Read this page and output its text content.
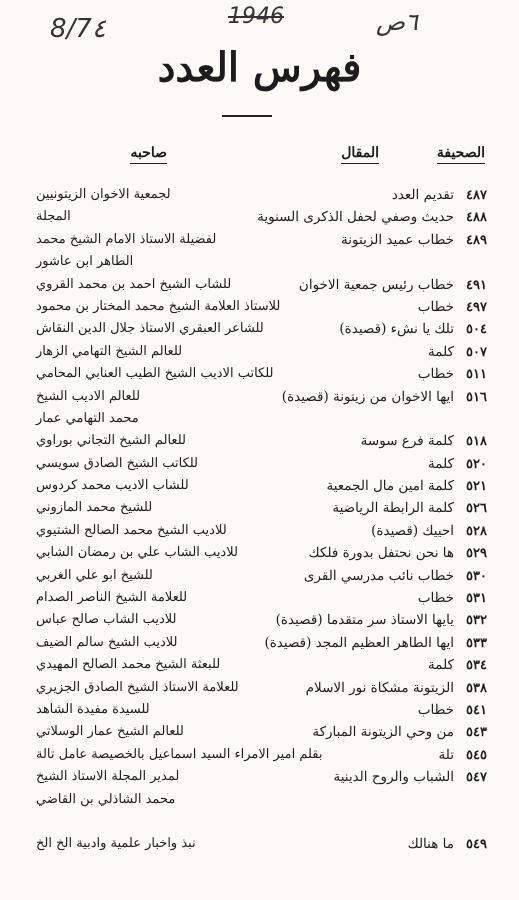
8/7٤	1946	٦ص
فهرس العدد
الصحيفة
المقال
صاحبه
٤٨٧
تقديم العدد
لجمعية الاخوان الزيتونيين
٤٨٨
حديث وصفي لحفل الذكرى السنوية
المجلة
٤٨٩
خطاب عميد الزيتونة
لفضيلة الاستاذ الامام الشيخ محمد
الطاهر ابن عاشور
٤٩١
خطاب رئيس جمعية الاخوان
للشاب الشيخ احمد بن محمد القروي
٤٩٧
خطاب
للاستاذ العلامة الشيخ محمد المختار بن محمود
٥٠٤
تلك يا نشء (قصيدة)
للشاعر العبقري الاستاذ جلال الدين النقاش
٥٠٧
كلمة
للعالم الشيخ التهامي الزهار
٥١١
خطاب
للكاتب الاديب الشيخ الطيب العنابي المحامي
٥١٦
ايها الاخوان من زيتونة (قصيدة)
للعالم الاديب الشيخ
محمد التهامي عمار
٥١٨
كلمة فرع سوسة
للعالم الشيخ التجاني بوراوي
٥٢٠
كلمة
للكاتب الشيخ الصادق سويسي
٥٢١
كلمة امين مال الجمعية
للشاب الاديب محمد كردوس
٥٢٦
كلمة الرابطة الرياضية
للشيخ محمد المازوني
٥٢٨
احييك (قصيدة)
للاديب الشيخ محمد الصالح الشتيوي
٥٢٩
ها نحن نحتفل بدورة فلكك
للاديب الشاب علي بن رمضان الشابي
٥٣٠
خطاب نائب مدرسي القرى
للشيخ ابو علي الغربي
٥٣١
خطاب
للعلامة الشيخ الناصر الصدام
٥٣٢
يايها الاستاذ سر متقدما (قصيدة)
للاديب الشاب صالح عباس
٥٣٣
ايها الطاهر العظيم المجد (قصيدة)
للاديب الشيخ سالم الضيف
٥٣٤
كلمة
للبعثة الشيخ محمد الصالح المهيدي
٥٣٨
الزيتونة مشكاة نور الاسلام
للعلامة الاستاذ الشيخ الصادق الجزيري
٥٤١
خطاب
للسيدة مفيدة الشاهد
٥٤٣
من وحي الزيتونة المباركة
للعالم الشيخ عمار الوسلاتي
٥٤٥
تلة
بقلم امير الامراء السيد اسماعيل بالخصيصة عامل تالة
٥٤٧
الشباب والروح الدينية
لمدير المجلة الاستاذ الشيخ
محمد الشاذلي بن القاضي
٥٤٩
ما هنالك
نبذ واخبار علمية وادبية الخ الخ
